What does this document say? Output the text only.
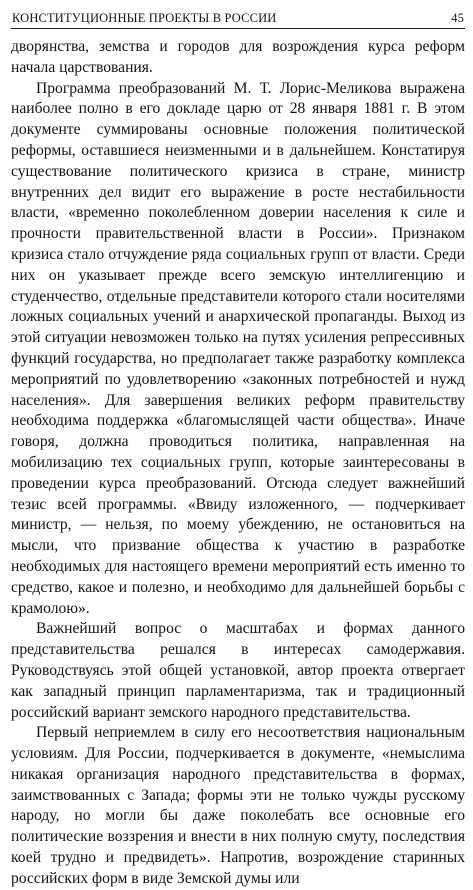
КОНСТИТУЦИОННЫЕ ПРОЕКТЫ В РОССИИ	45

дворянства, земства и городов для возрождения курса реформ начала царствования.

Программа преобразований М. Т. Лорис-Меликова выражена наиболее полно в его докладе царю от 28 января 1881 г. В этом документе суммированы основные положения политической реформы, оставшиеся неизменными и в дальнейшем. Констатируя существование политического кризиса в стране, министр внутренних дел видит его выражение в росте нестабильности власти, «временно поколебленном доверии населения к силе и прочности правительственной власти в России». Признаком кризиса стало отчуждение ряда социальных групп от власти. Среди них он указывает прежде всего земскую интеллигенцию и студенчество, отдельные представители которого стали носителями ложных социальных учений и анархической пропаганды. Выход из этой ситуации невозможен только на путях усиления репрессивных функций государства, но предполагает также разработку комплекса мероприятий по удовлетворению «законных потребностей и нужд населения». Для завершения великих реформ правительству необходима поддержка «благомыслящей части общества». Иначе говоря, должна проводиться политика, направленная на мобилизацию тех социальных групп, которые заинтересованы в проведении курса преобразований. Отсюда следует важнейший тезис всей программы. «Ввиду изложенного, — подчеркивает министр, — нельзя, по моему убеждению, не остановиться на мысли, что призвание общества к участию в разработке необходимых для настоящего времени мероприятий есть именно то средство, какое и полезно, и необходимо для дальнейшей борьбы с крамолою».

Важнейший вопрос о масштабах и формах данного представительства решался в интересах самодержавия. Руководствуясь этой общей установкой, автор проекта отвергает как западный принцип парламентаризма, так и традиционный российский вариант земского народного представительства.

Первый неприемлем в силу его несоответствия национальным условиям. Для России, подчеркивается в документе, «немыслима никакая организация народного представительства в формах, заимствованных с Запада; формы эти не только чужды русскому народу, но могли бы даже поколебать все основные его политические воззрения и внести в них полную смуту, последствия коей трудно и предвидеть». Напротив, возрождение старинных российских форм в виде Земской думы или
